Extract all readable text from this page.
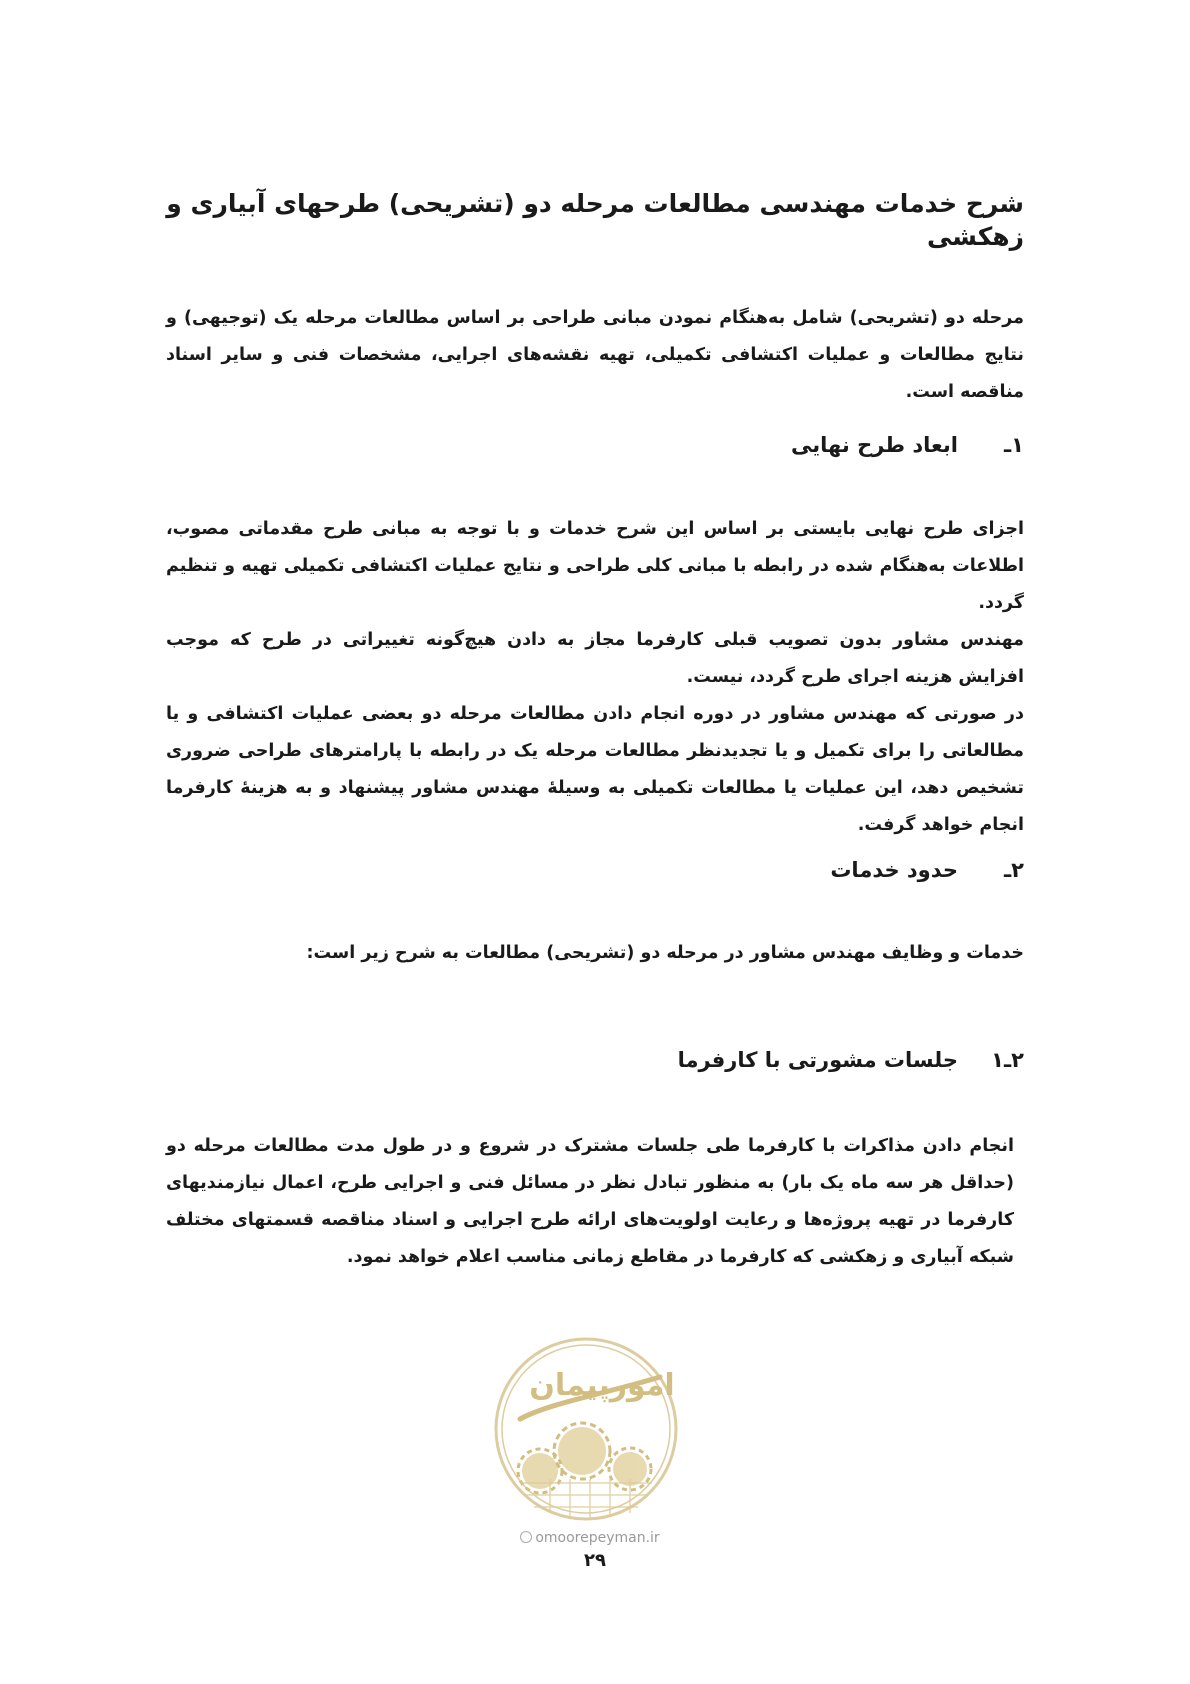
شرح خدمات مهندسی مطالعات مرحله دو (تشریحی) طرحهای آبیاری و زهکشی

مرحله دو (تشریحی) شامل به‌هنگام نمودن مبانی طراحی بر اساس مطالعات مرحله یک (توجیهی) و نتایج مطالعات و عملیات اکتشافی تکمیلی، تهیه نقشه‌های اجرایی، مشخصات فنی و سایر اسناد مناقصه است.

۱ـابعاد طرح نهایی

اجزای طرح نهایی بایستی بر اساس این شرح خدمات و با توجه به مبانی طرح مقدماتی مصوب، اطلاعات به‌هنگام شده در رابطه با مبانی کلی طراحی و نتایج عملیات اکتشافی تکمیلی تهیه و تنظیم گردد.

مهندس مشاور بدون تصویب قبلی کارفرما مجاز به دادن هیچ‌گونه تغییراتی در طرح که موجب افزایش هزینه اجرای طرح گردد، نیست.

در صورتی که مهندس مشاور در دوره انجام دادن مطالعات مرحله دو بعضی عملیات اکتشافی و یا مطالعاتی را برای تکمیل و یا تجدیدنظر مطالعات مرحله یک در رابطه با پارامترهای طراحی ضروری تشخیص دهد، این عملیات یا مطالعات تکمیلی به وسیلۀ مهندس مشاور پیشنهاد و به هزینۀ کارفرما انجام خواهد گرفت.

۲ـحدود خدمات

خدمات و وظایف مهندس مشاور در مرحله دو (تشریحی) مطالعات به شرح زیر است:

۲ـ۱جلسات مشورتی با کارفرما

انجام دادن مذاکرات با کارفرما طی جلسات مشترک در شروع و در طول مدت مطالعات مرحله دو (حداقل هر سه ماه یک بار) به منظور تبادل نظر در مسائل فنی و اجرایی طرح، اعمال نیازمندیهای کارفرما در تهیه پروژه‌ها و رعایت اولویت‌های ارائه طرح اجرایی و اسناد مناقصه قسمتهای مختلف شبکه آبیاری و زهکشی که کارفرما در مقاطع زمانی مناسب اعلام خواهد نمود.

امورپیمان
omoorepeyman.ir
۲۹
